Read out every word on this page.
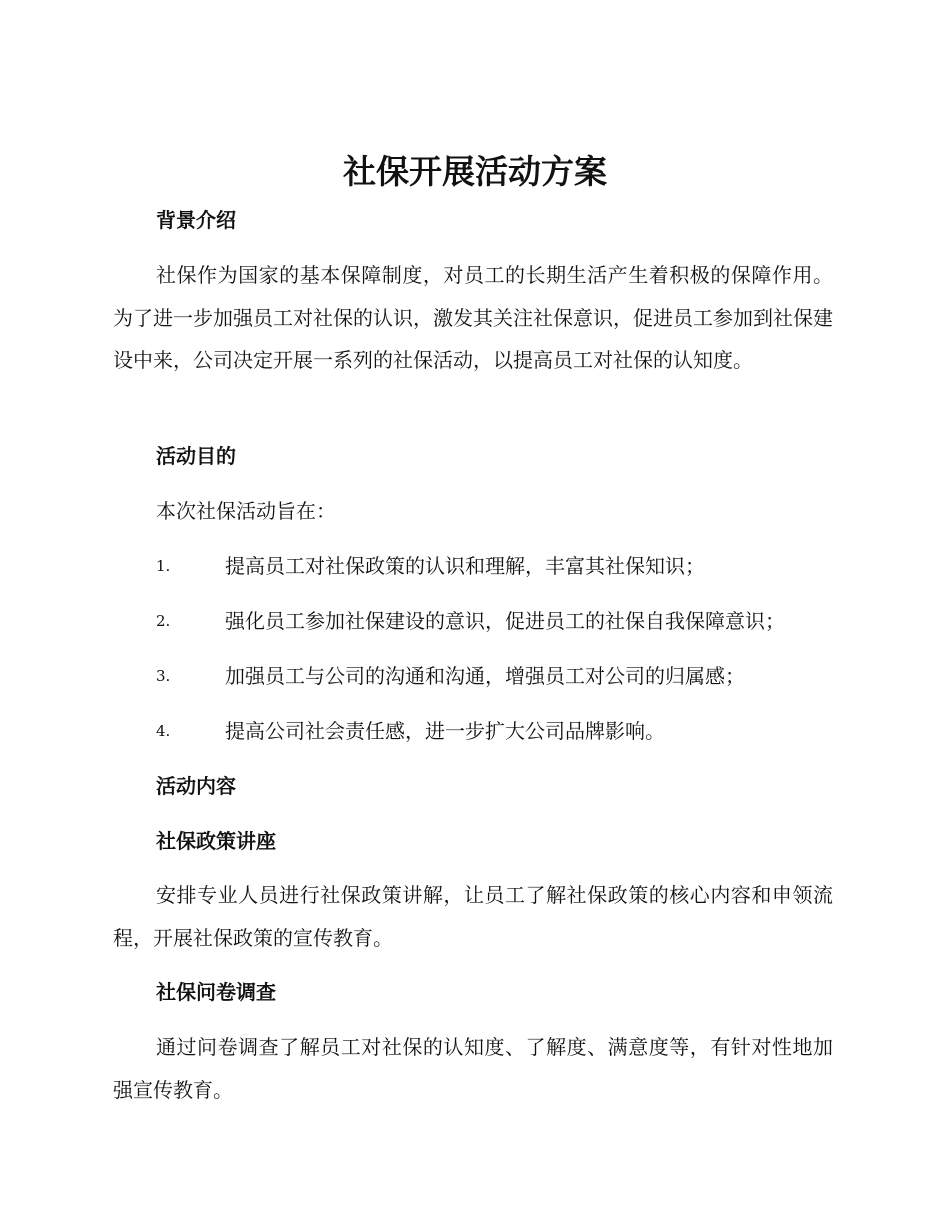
社保开展活动方案
背景介绍

社保作为国家的基本保障制度，对员工的长期生活产生着积极的保障作用。为了进一步加强员工对社保的认识，激发其关注社保意识，促进员工参加到社保建设中来，公司决定开展一系列的社保活动，以提高员工对社保的认知度。

活动目的

本次社保活动旨在：

1.	提高员工对社保政策的认识和理解，丰富其社保知识；
2.	强化员工参加社保建设的意识，促进员工的社保自我保障意识；
3.	加强员工与公司的沟通和沟通，增强员工对公司的归属感；
4.	提高公司社会责任感，进一步扩大公司品牌影响。
活动内容
社保政策讲座

安排专业人员进行社保政策讲解，让员工了解社保政策的核心内容和申领流程，开展社保政策的宣传教育。

社保问卷调查

通过问卷调查了解员工对社保的认知度、了解度、满意度等，有针对性地加强宣传教育。
